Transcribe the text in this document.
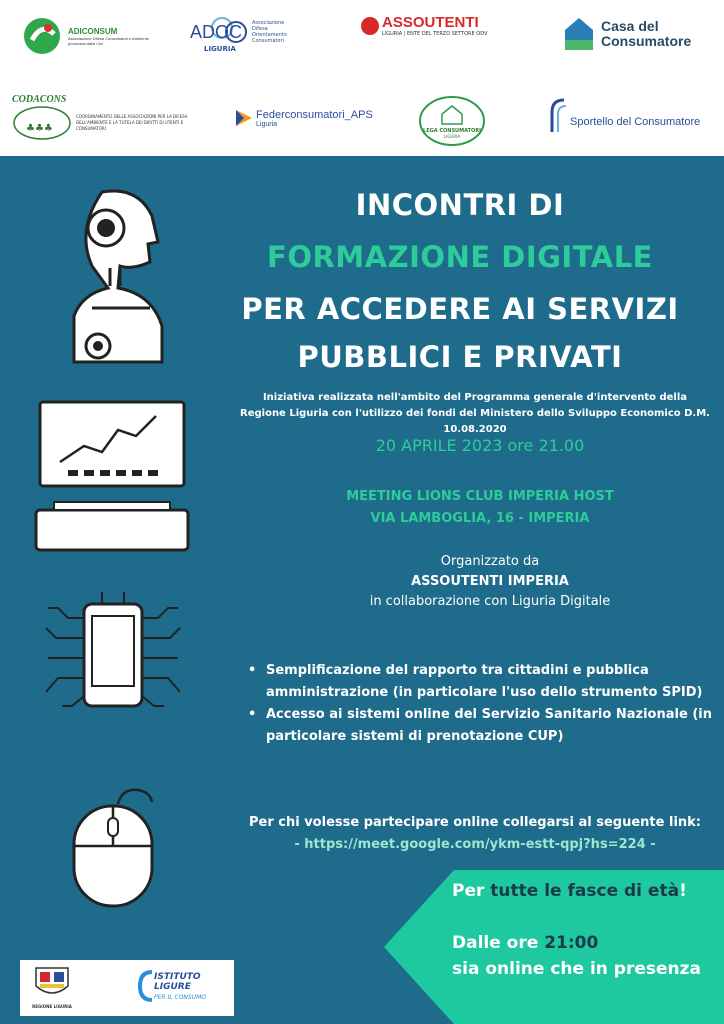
ADICONSUM
Associazione Difesa Consumatori e Ambiente promossa dalla Cisl
ADOC
LIGURIA
Associazione Difesa Orientamento Consumatori
ASSOUTENTI
LIGURIA | ENTE DEL TERZO SETTORE ODV	Casa del Consumatore
CODACONS
♣♣♣
COORDINAMENTO DELLE ASSOCIAZIONI PER LA DIFESA DELL'AMBIENTE E LA TUTELA DEI DIRITTI DI UTENTI E CONSUMATORI
Federconsumatori_APS
Liguria
LEGA CONSUMATORI
LIGURIA
Sportello del Consumatore
INCONTRI DI
FORMAZIONE DIGITALE
PER ACCEDERE AI SERVIZI
PUBBLICI E PRIVATI
Iniziativa realizzata nell'ambito del Programma generale d'intervento della Regione Liguria con l'utilizzo dei fondi del Ministero dello Sviluppo Economico D.M. 10.08.2020
20 APRILE 2023 ore 21.00
MEETING LIONS CLUB IMPERIA HOST
VIA LAMBOGLIA, 16 - IMPERIA
Organizzato da
ASSOUTENTI IMPERIA
in collaborazione con Liguria Digitale
• Semplificazione del rapporto tra cittadini e pubblica amministrazione (in particolare l'uso dello strumento SPID)
• Accesso ai sistemi online del Servizio Sanitario Nazionale (in particolare sistemi di prenotazione CUP)
Per chi volesse partecipare online collegarsi al seguente link:
- https://meet.google.com/ykm-estt-qpj?hs=224 -
Per tutte le fasce di età!
Dalle ore 21:00
sia online che in presenza
REGIONE LIGURIA
ISTITUTO LIGURE
PER IL CONSUMO
